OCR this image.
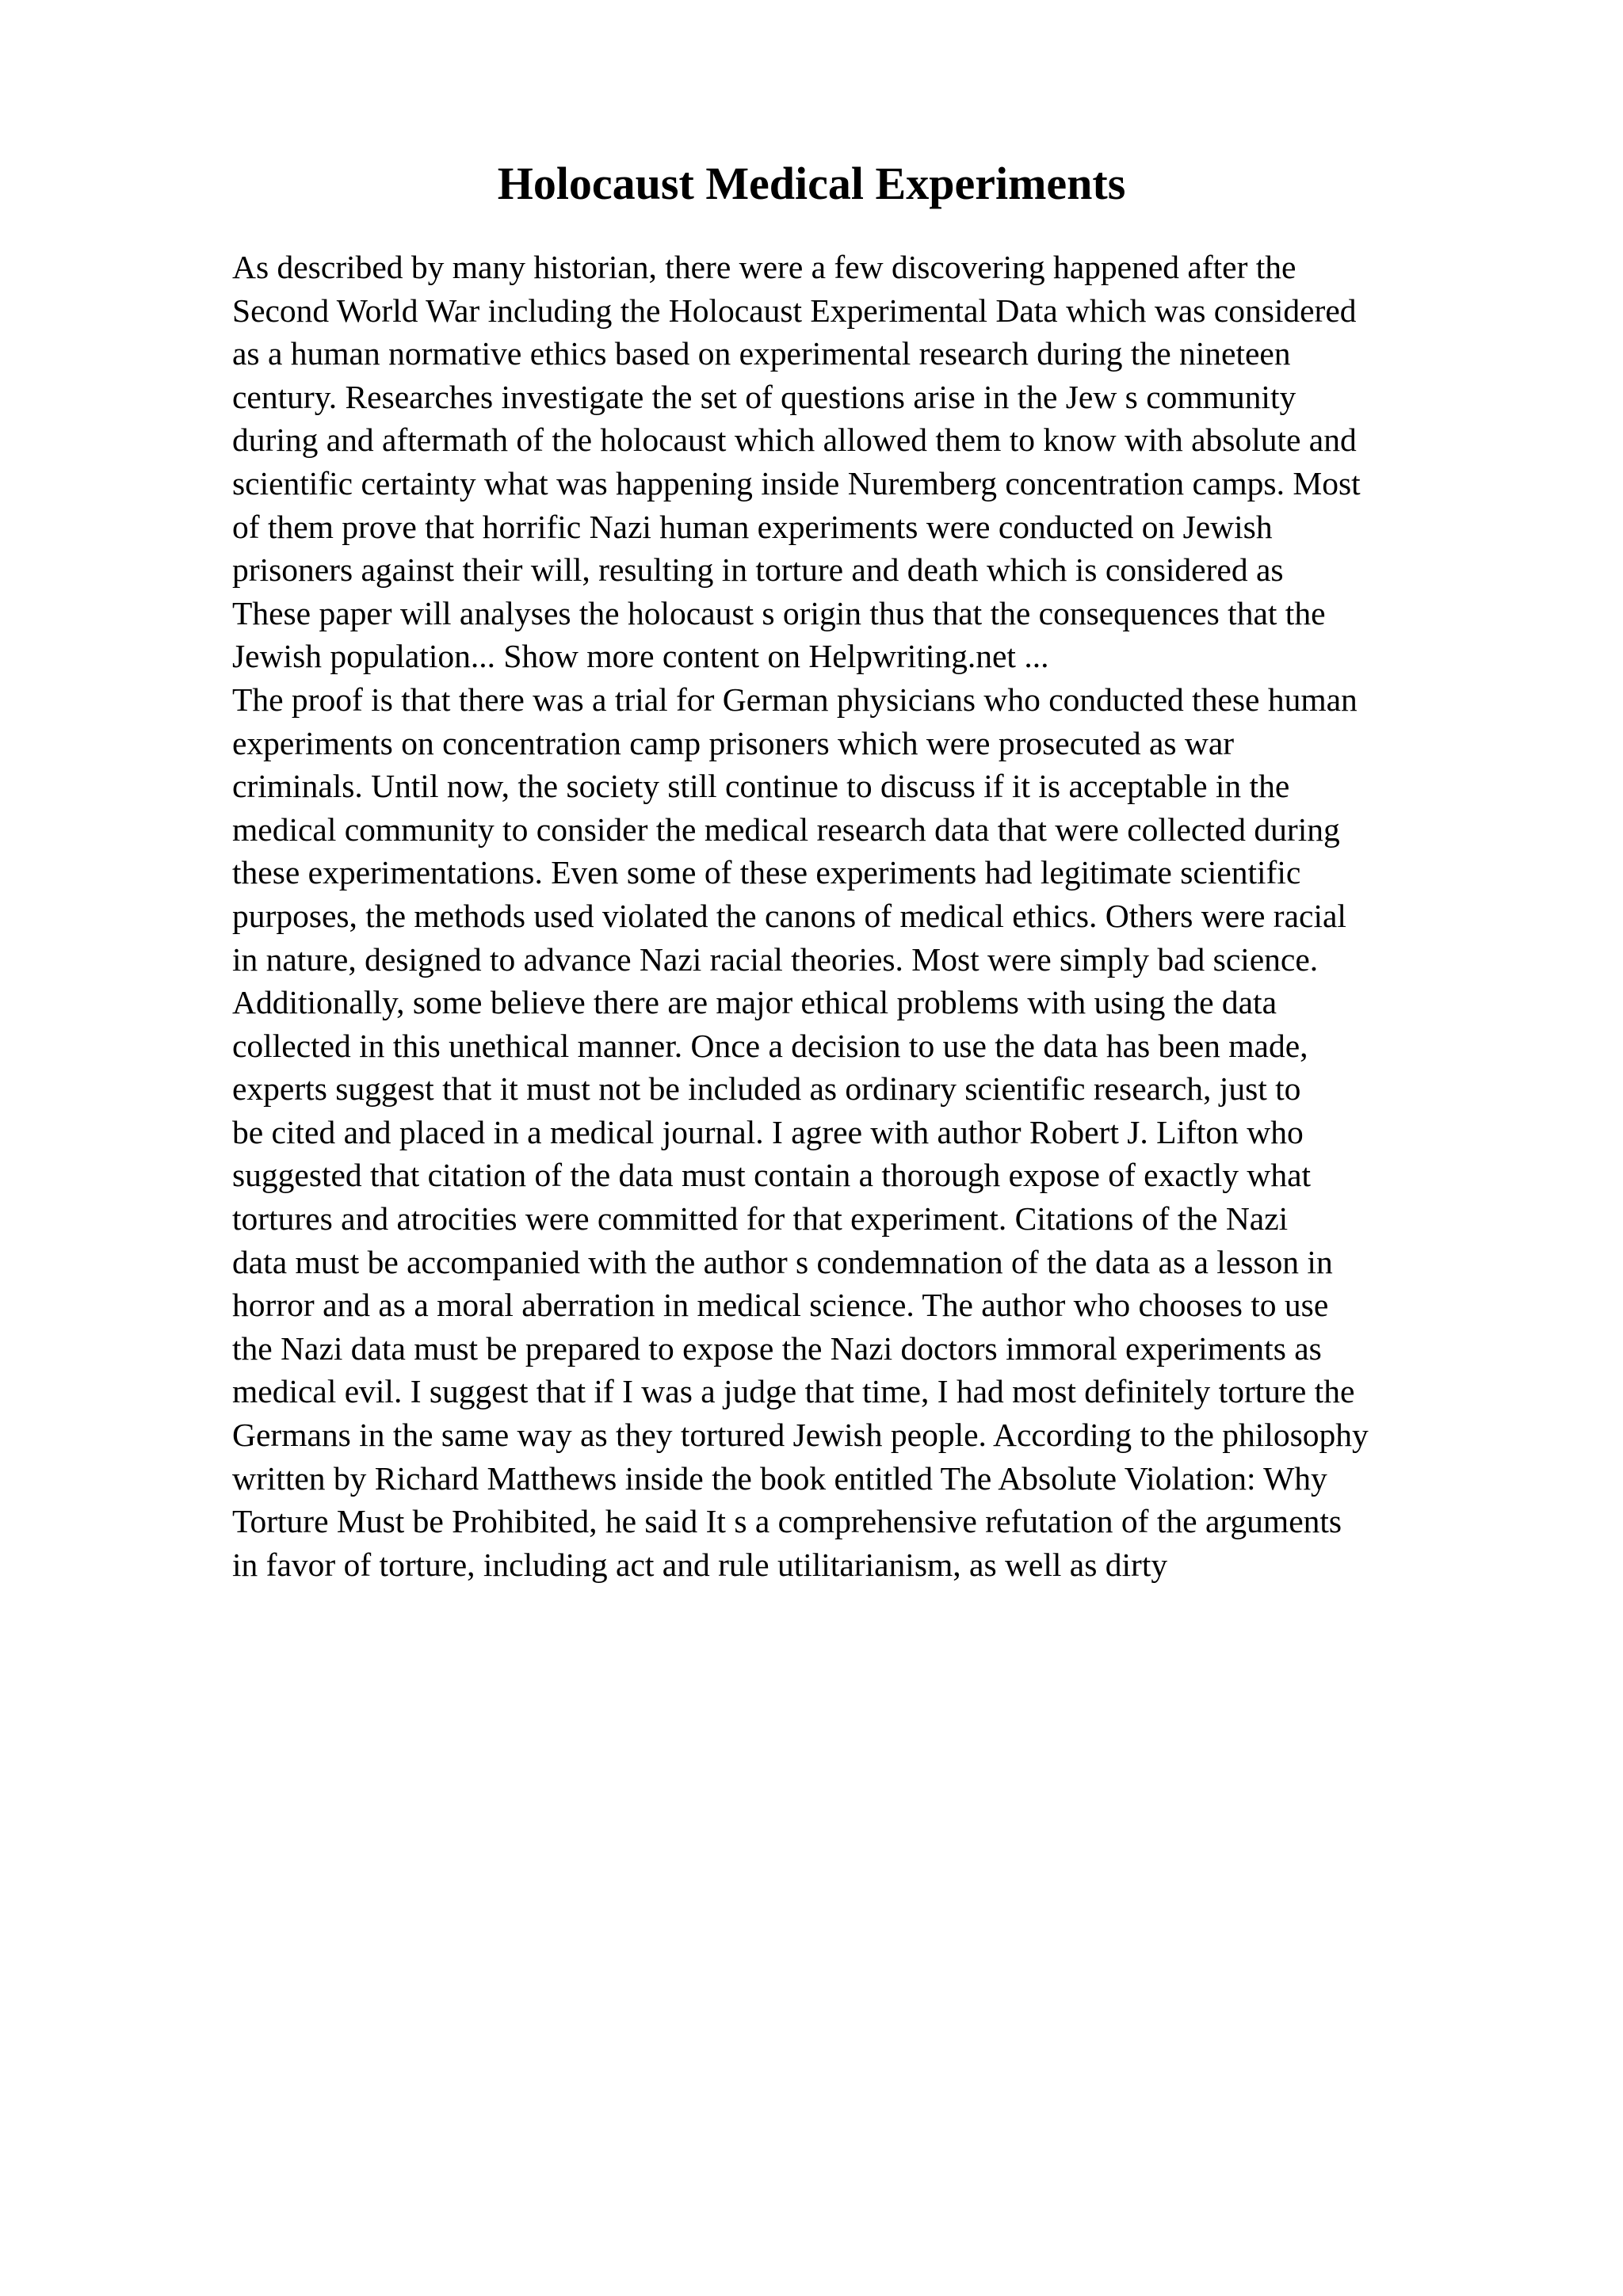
Holocaust Medical Experiments
As described by many historian, there were a few discovering happened after the
Second World War including the Holocaust Experimental Data which was considered
as a human normative ethics based on experimental research during the nineteen
century. Researches investigate the set of questions arise in the Jew s community
during and aftermath of the holocaust which allowed them to know with absolute and
scientific certainty what was happening inside Nuremberg concentration camps. Most
of them prove that horrific Nazi human experiments were conducted on Jewish
prisoners against their will, resulting in torture and death which is considered as
These paper will analyses the holocaust s origin thus that the consequences that the
Jewish population... Show more content on Helpwriting.net ...
The proof is that there was a trial for German physicians who conducted these human
experiments on concentration camp prisoners which were prosecuted as war
criminals. Until now, the society still continue to discuss if it is acceptable in the
medical community to consider the medical research data that were collected during
these experimentations. Even some of these experiments had legitimate scientific
purposes, the methods used violated the canons of medical ethics. Others were racial
in nature, designed to advance Nazi racial theories. Most were simply bad science.
Additionally, some believe there are major ethical problems with using the data
collected in this unethical manner. Once a decision to use the data has been made,
experts suggest that it must not be included as ordinary scientific research, just to
be cited and placed in a medical journal. I agree with author Robert J. Lifton who
suggested that citation of the data must contain a thorough expose of exactly what
tortures and atrocities were committed for that experiment. Citations of the Nazi
data must be accompanied with the author s condemnation of the data as a lesson in
horror and as a moral aberration in medical science. The author who chooses to use
the Nazi data must be prepared to expose the Nazi doctors immoral experiments as
medical evil. I suggest that if I was a judge that time, I had most definitely torture the
Germans in the same way as they tortured Jewish people. According to the philosophy
written by Richard Matthews inside the book entitled The Absolute Violation: Why
Torture Must be Prohibited, he said It s a comprehensive refutation of the arguments
in favor of torture, including act and rule utilitarianism, as well as dirty
